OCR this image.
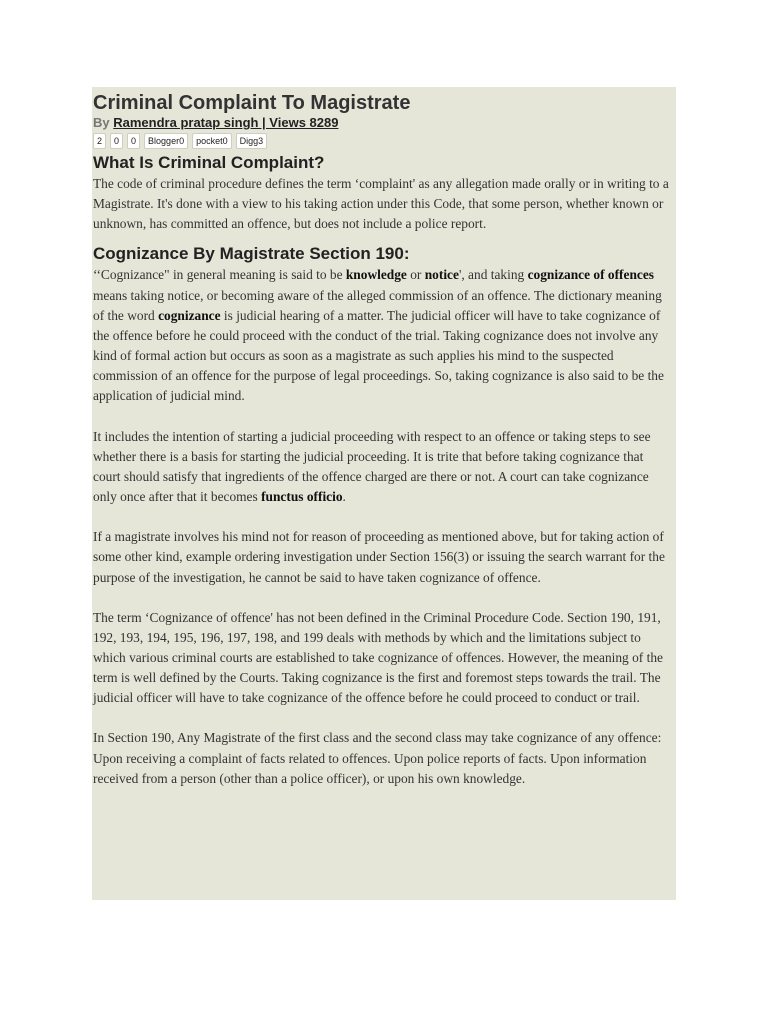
Criminal Complaint To Magistrate
By Ramendra pratap singh | Views 8289
2	0	0	Blogger0	pocket0	Digg3
What Is Criminal Complaint?

The code of criminal procedure defines the term ‘complaint' as any allegation made orally or in writing to a Magistrate. It's done with a view to his taking action under this Code, that some person, whether known or unknown, has committed an offence, but does not include a police report.

Cognizance By Magistrate Section 190:

‘‘Cognizance" in general meaning is said to be knowledge or notice', and taking cognizance of offences means taking notice, or becoming aware of the alleged commission of an offence. The dictionary meaning of the word cognizance is judicial hearing of a matter. The judicial officer will have to take cognizance of the offence before he could proceed with the conduct of the trial. Taking cognizance does not involve any kind of formal action but occurs as soon as a magistrate as such applies his mind to the suspected commission of an offence for the purpose of legal proceedings. So, taking cognizance is also said to be the application of judicial mind.

It includes the intention of starting a judicial proceeding with respect to an offence or taking steps to see whether there is a basis for starting the judicial proceeding. It is trite that before taking cognizance that court should satisfy that ingredients of the offence charged are there or not. A court can take cognizance only once after that it becomes functus officio.

If a magistrate involves his mind not for reason of proceeding as mentioned above, but for taking action of some other kind, example ordering investigation under Section 156(3) or issuing the search warrant for the purpose of the investigation, he cannot be said to have taken cognizance of offence.

The term ‘Cognizance of offence' has not been defined in the Criminal Procedure Code. Section 190, 191, 192, 193, 194, 195, 196, 197, 198, and 199 deals with methods by which and the limitations subject to which various criminal courts are established to take cognizance of offences. However, the meaning of the term is well defined by the Courts. Taking cognizance is the first and foremost steps towards the trail. The judicial officer will have to take cognizance of the offence before he could proceed to conduct or trail.

In Section 190, Any Magistrate of the first class and the second class may take cognizance of any offence:

Upon receiving a complaint of facts related to offences. Upon police reports of facts. Upon information received from a person (other than a police officer), or upon his own knowledge.
